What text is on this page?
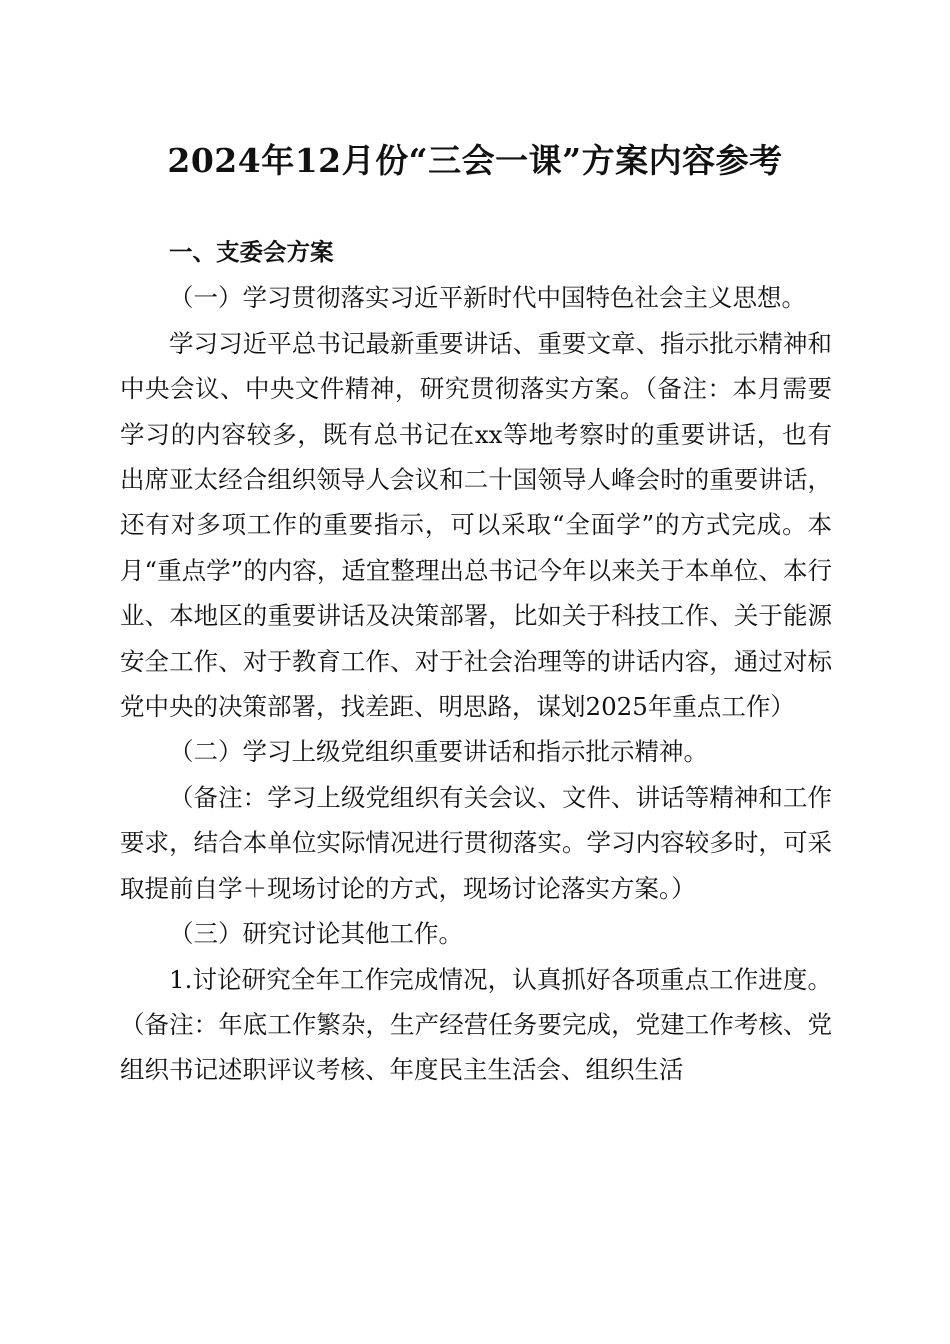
2024年12月份“三会一课”方案内容参考

一、支委会方案

（一）学习贯彻落实习近平新时代中国特色社会主义思想。

学习习近平总书记最新重要讲话、重要文章、指示批示精神和中央会议、中央文件精神，研究贯彻落实方案。（备注：本月需要学习的内容较多，既有总书记在xx等地考察时的重要讲话，也有出席亚太经合组织领导人会议和二十国领导人峰会时的重要讲话，还有对多项工作的重要指示，可以采取“全面学”的方式完成。本月“重点学”的内容，适宜整理出总书记今年以来关于本单位、本行业、本地区的重要讲话及决策部署，比如关于科技工作、关于能源安全工作、对于教育工作、对于社会治理等的讲话内容，通过对标党中央的决策部署，找差距、明思路，谋划2025年重点工作）

（二）学习上级党组织重要讲话和指示批示精神。

（备注：学习上级党组织有关会议、文件、讲话等精神和工作要求，结合本单位实际情况进行贯彻落实。学习内容较多时，可采取提前自学＋现场讨论的方式，现场讨论落实方案。）

（三）研究讨论其他工作。

1.讨论研究全年工作完成情况，认真抓好各项重点工作进度。（备注：年底工作繁杂，生产经营任务要完成，党建工作考核、党组织书记述职评议考核、年度民主生活会、组织生活
